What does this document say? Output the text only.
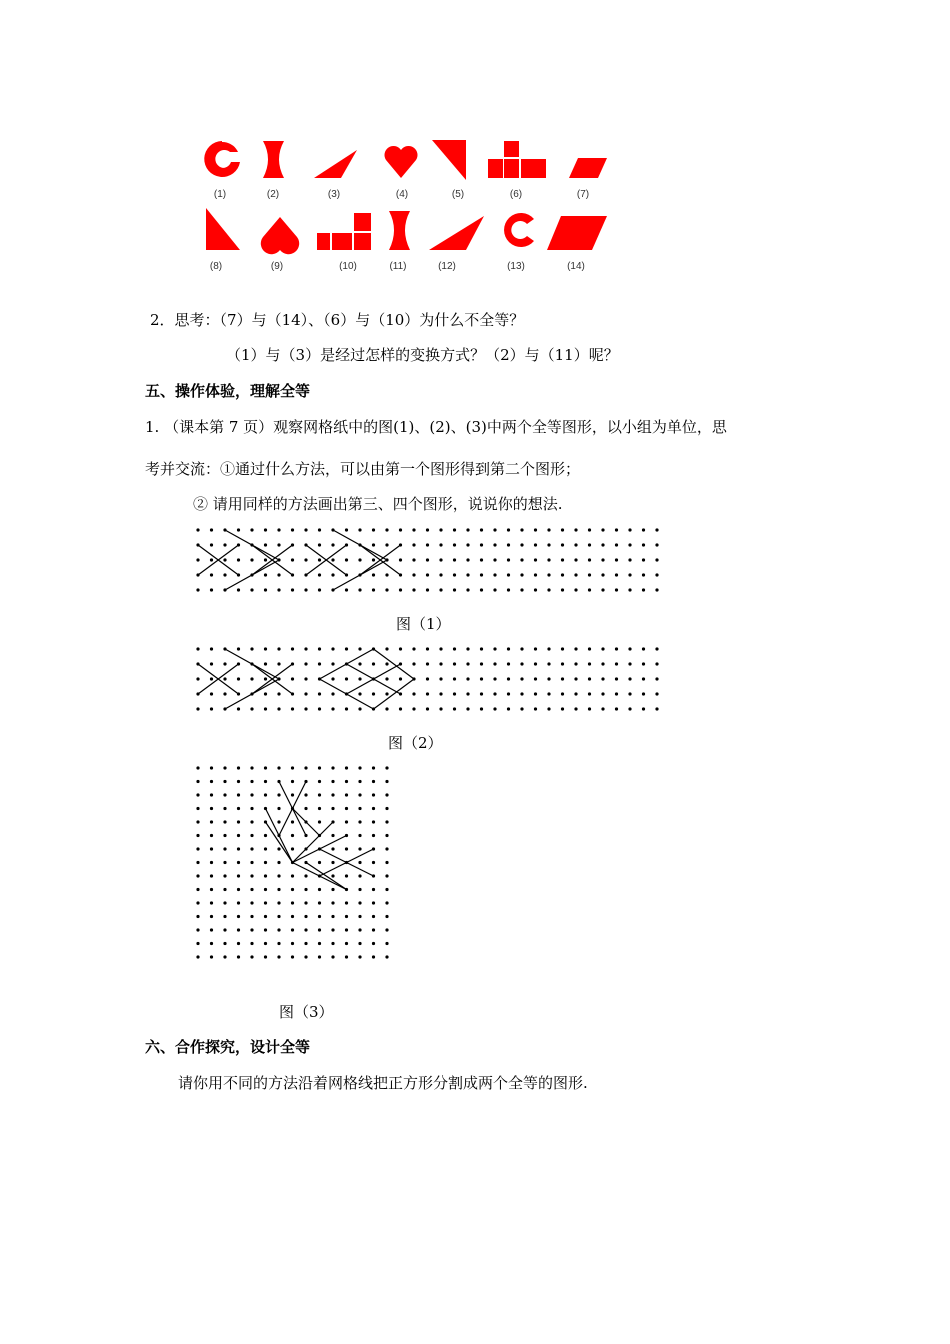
(1)	(2)	(3)	(4)	(5)	(6)	(7)
(8)	(9)	(10)	(11)	(12)	(13)	(14)
2．思考：（7）与（14）、（6）与（10）为什么不全等？
（1）与（3）是经过怎样的变换方式？（2）与（11）呢？
五、操作体验，理解全等
1. （课本第 7 页）观察网格纸中的图(1)、(2)、(3)中两个全等图形，以小组为单位，思
考并交流：①通过什么方法，可以由第一个图形得到第二个图形；
② 请用同样的方法画出第三、四个图形，说说你的想法.
图（1）
图（2）
图（3）
六、合作探究，设计全等
请你用不同的方法沿着网格线把正方形分割成两个全等的图形.
